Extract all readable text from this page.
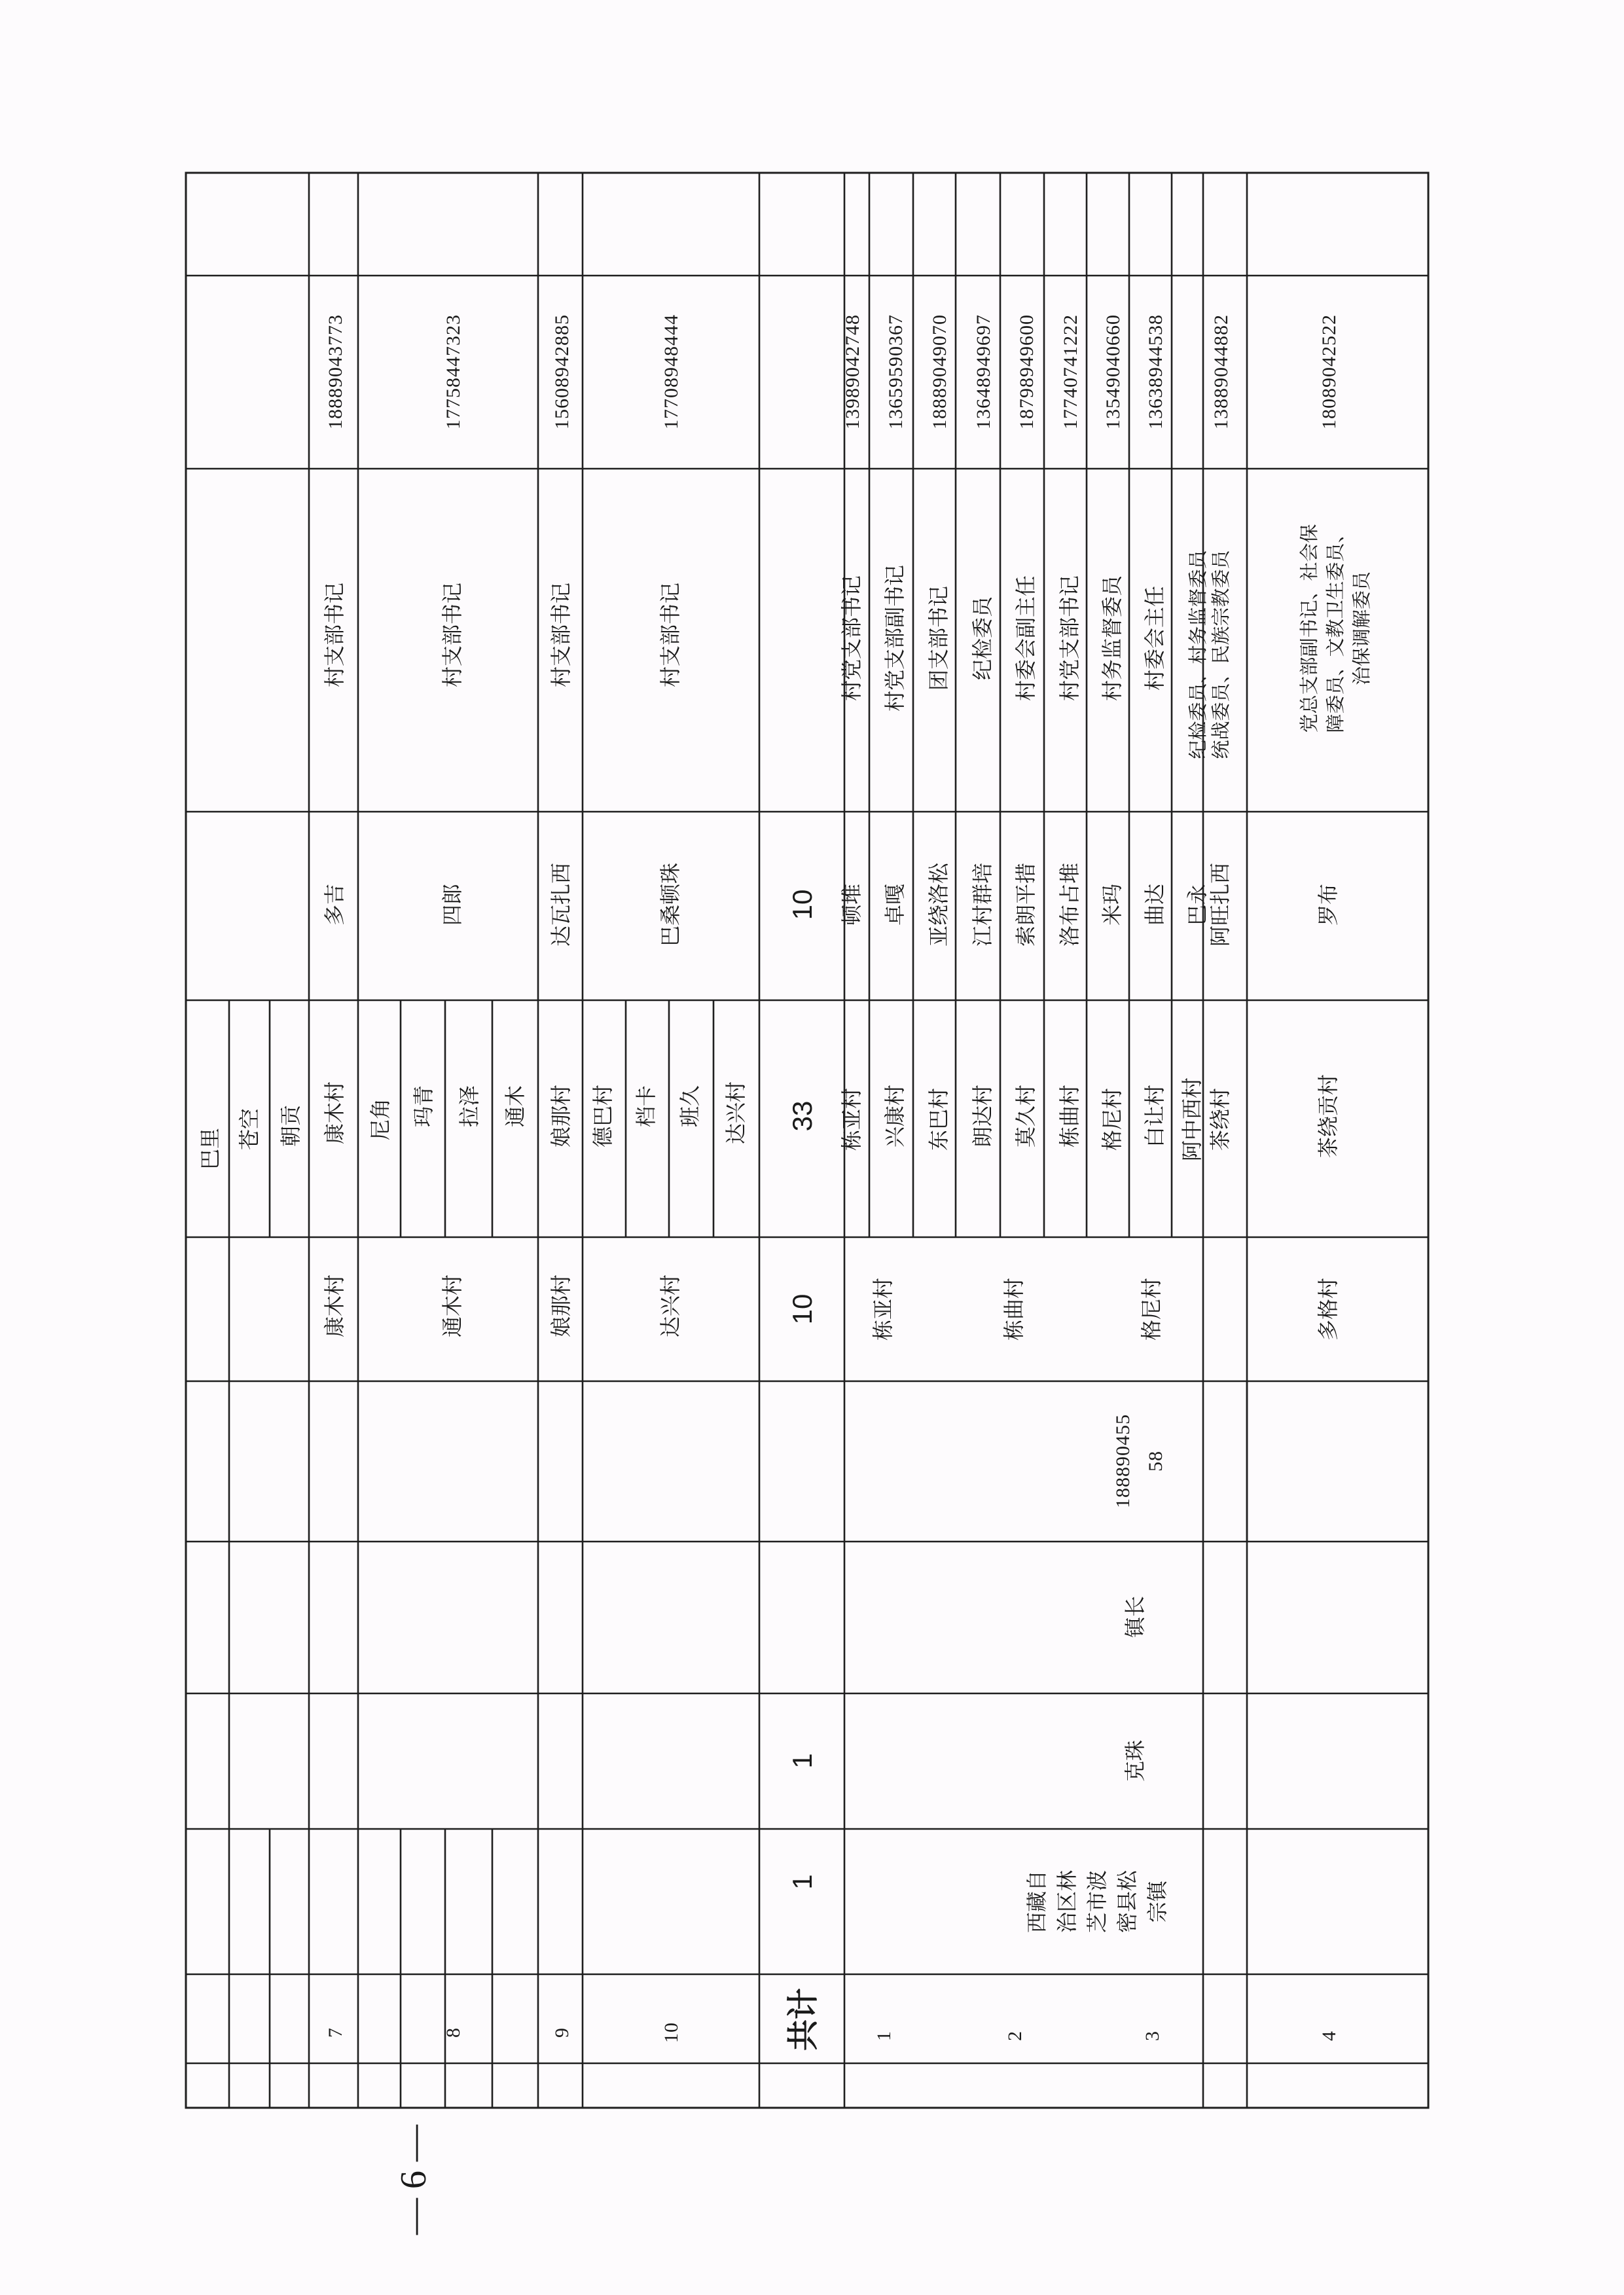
巴里 苍空 朝贡
7
康木村
康木村
多吉
村支部书记
18889043773
8
通木村
尼角 玛青 拉泽 通木
四郎
村支部书记
17758447323
9
娘那村
娘那村
达瓦扎西
村支部书记
15608942885
10
达兴村
德巴村 档卡 班久 达兴村
巴桑顿珠
村支部书记
17708948444
共计
1
1
10
33
10
西藏自 治区林 芝市波 密县松 宗镇
克珠
镇长
188890455 58
1
栋亚村
栋亚村 兴康村
顿堆
村党支部书记
13989042748
卓嘎
村党支部副书记
13659590367
2
栋曲村
东巴村 朗达村 莫久村 栋曲村
亚绕洛松
团支部书记
18889049070
江村群培
纪检委员
13648949697
索朗平措
村委会副主任
18798949600
洛布占堆
村党支部书记
17740741222
3
格尼村
格尼村 白让村 阿中西村
米玛
村务监督委员
13549040660
曲达
村委会主任
13638944538
巴永
纪检委员、村务监督委员
4
多格村
茶绕村	茶绕贡村
阿旺扎西
统战委员、民族宗教委员
13889044882
罗布
党总支部副书记、社会保 障委员、文教卫生委员、 治保调解委员
18089042522
— 6 —
